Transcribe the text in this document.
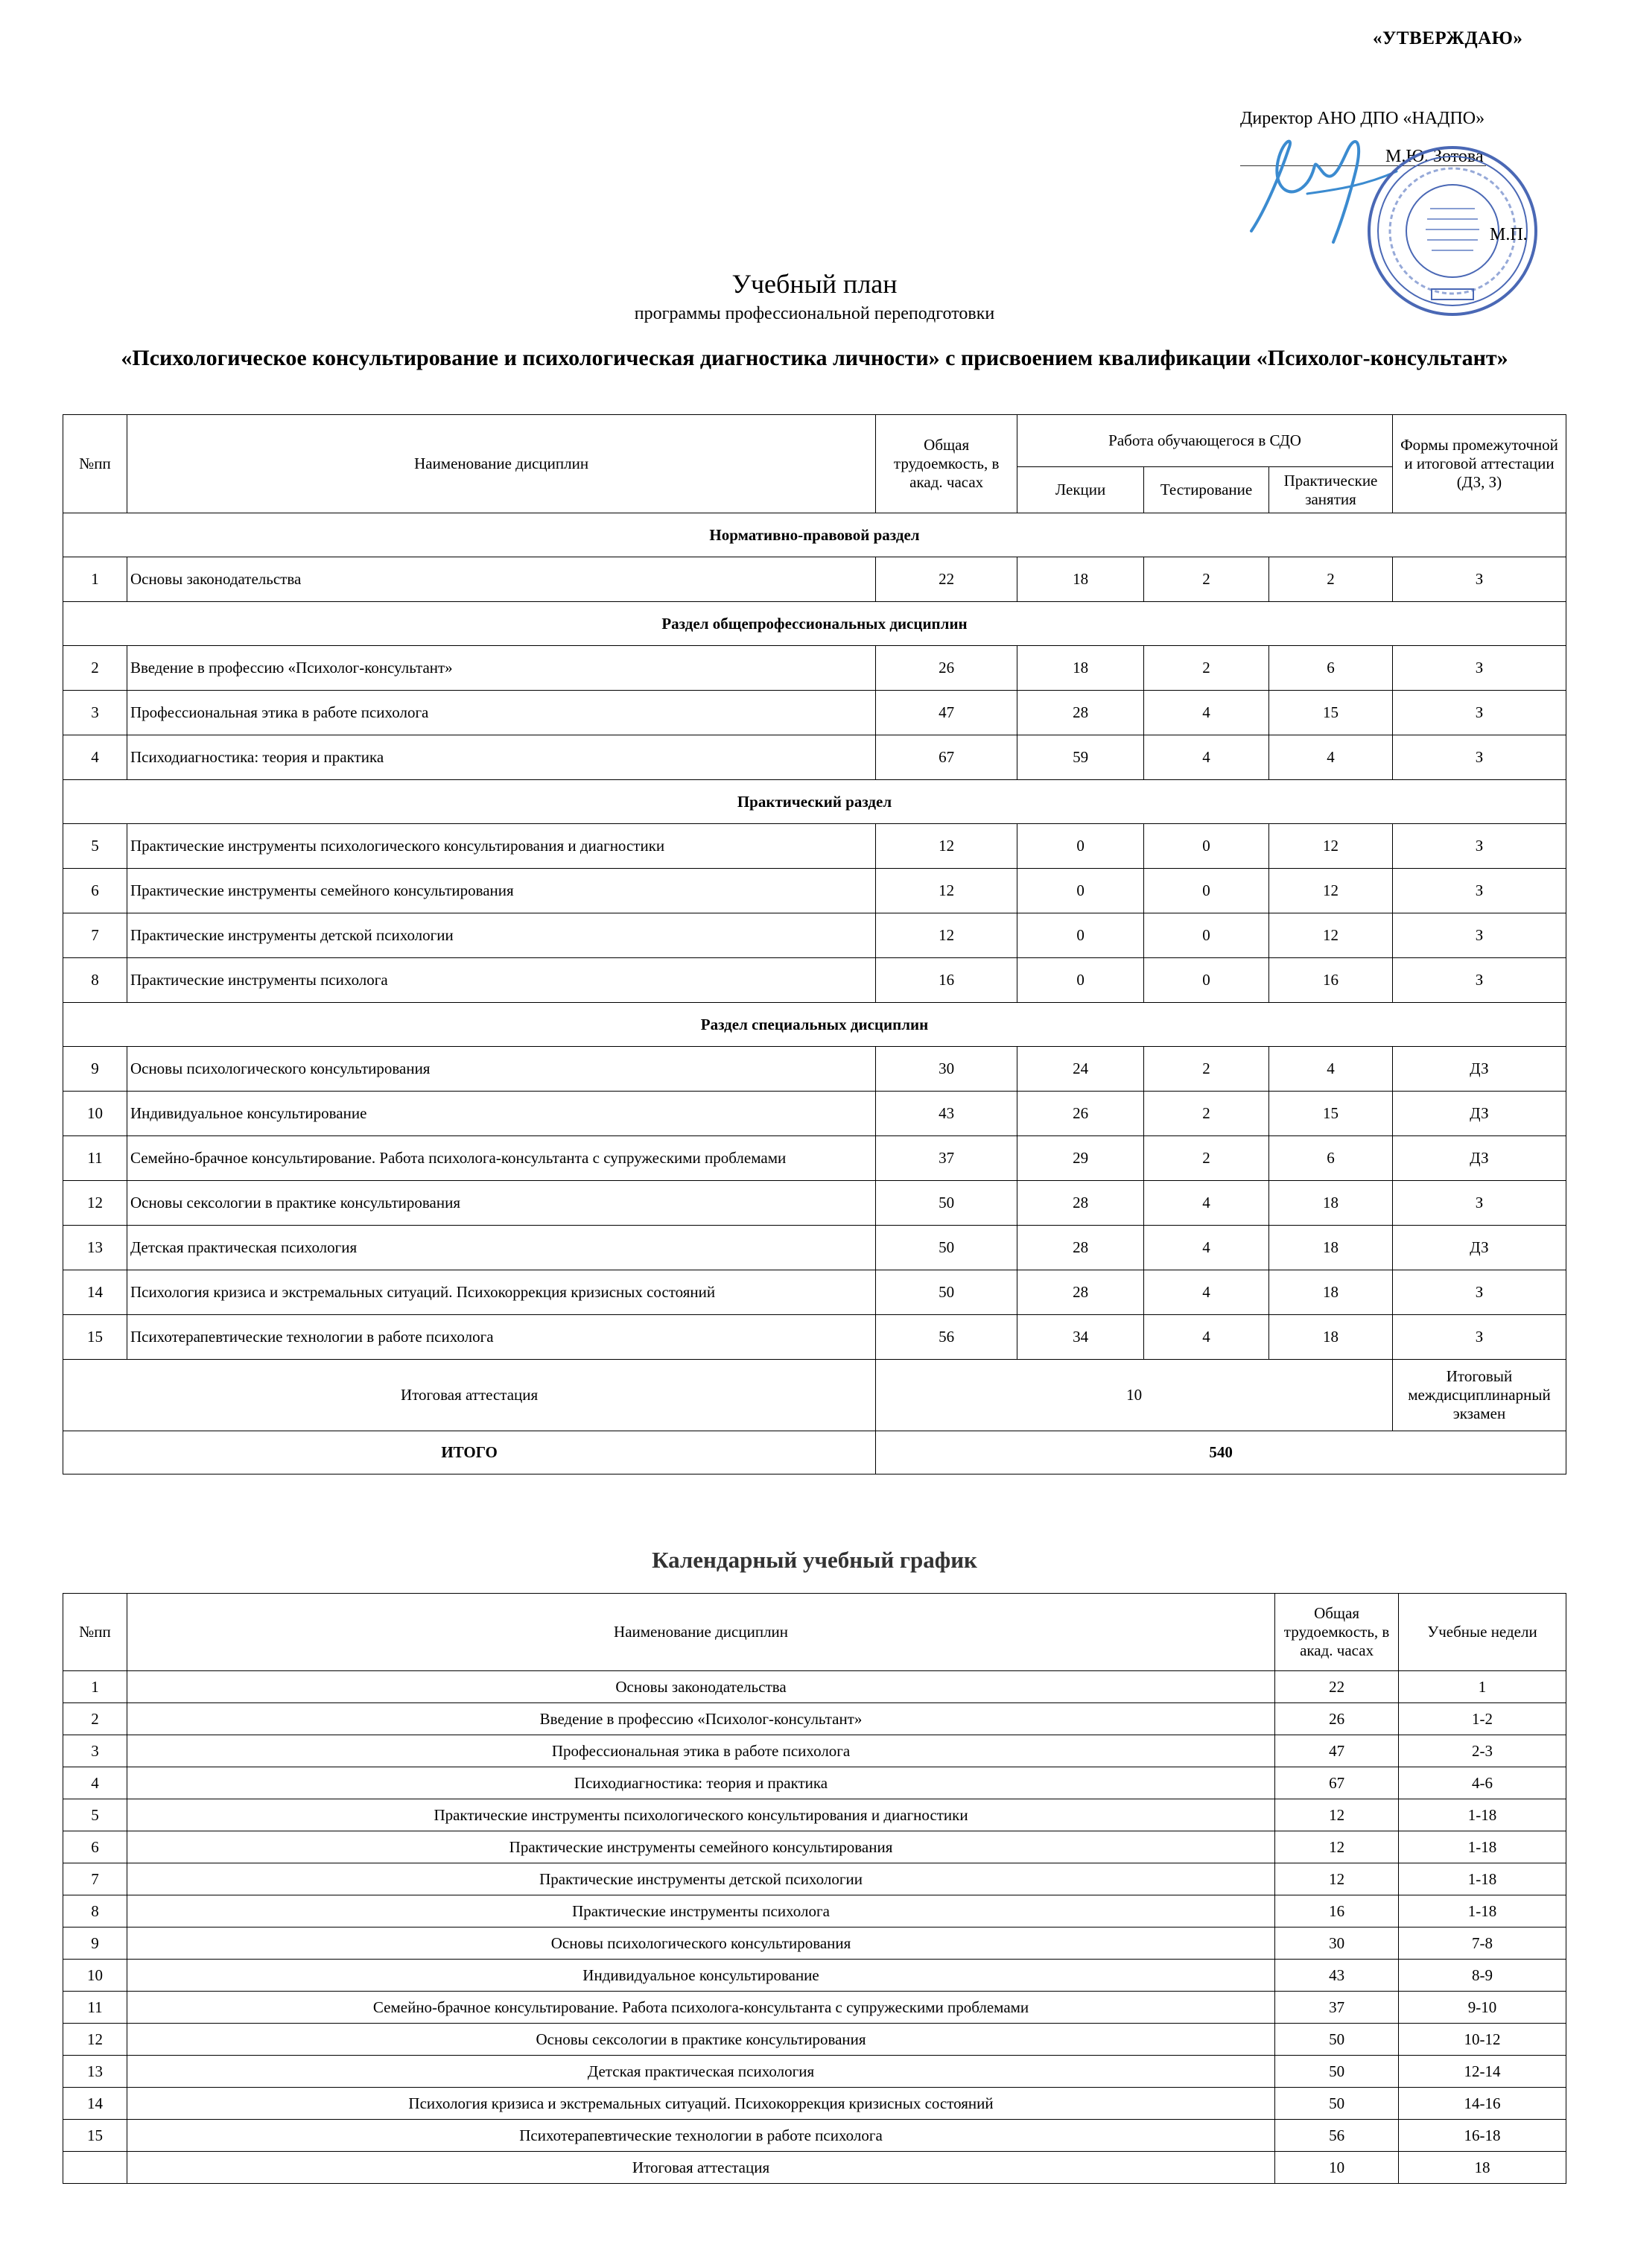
«УТВЕРЖДАЮ»
Директор АНО ДПО «НАДПО»
М.Ю. Зотова
М.П.
Учебный план
программы профессиональной переподготовки
«Психологическое консультирование и психологическая диагностика личности» с присвоением квалификации «Психолог-консультант»
№пп	Наименование дисциплин	Общая трудоемкость, в акад. часах	Работа обучающегося в СДО			Формы промежуточной и итоговой аттестации (ДЗ, З)
			Лекции	Тестирование	Практические занятия	
Нормативно-правовой раздел						
1	Основы законодательства	22	18	2	2	З
Раздел общепрофессиональных дисциплин						
2	Введение в профессию «Психолог-консультант»	26	18	2	6	З
3	Профессиональная этика в работе психолога	47	28	4	15	З
4	Психодиагностика: теория и практика	67	59	4	4	З
Практический раздел						
5	Практические инструменты психологического консультирования и диагностики	12	0	0	12	З
6	Практические инструменты семейного консультирования	12	0	0	12	З
7	Практические инструменты детской психологии	12	0	0	12	З
8	Практические инструменты психолога	16	0	0	16	З
Раздел специальных дисциплин						
9	Основы психологического консультирования	30	24	2	4	ДЗ
10	Индивидуальное консультирование	43	26	2	15	ДЗ
11	Семейно-брачное консультирование. Работа психолога-консультанта с супружескими проблемами	37	29	2	6	ДЗ
12	Основы сексологии в практике консультирования	50	28	4	18	З
13	Детская практическая психология	50	28	4	18	ДЗ
14	Психология кризиса и экстремальных ситуаций. Психокоррекция кризисных состояний	50	28	4	18	З
15	Психотерапевтические технологии в работе психолога	56	34	4	18	З
Итоговая аттестация		10				Итоговый междисциплинарный экзамен
ИТОГО		540				
Календарный учебный график
№пп	Наименование дисциплин	Общая трудоемкость, в акад. часах	Учебные недели
1	Основы законодательства	22	1
2	Введение в профессию «Психолог-консультант»	26	1-2
3	Профессиональная этика в работе психолога	47	2-3
4	Психодиагностика: теория и практика	67	4-6
5	Практические инструменты психологического консультирования и диагностики	12	1-18
6	Практические инструменты семейного консультирования	12	1-18
7	Практические инструменты детской психологии	12	1-18
8	Практические инструменты психолога	16	1-18
9	Основы психологического консультирования	30	7-8
10	Индивидуальное консультирование	43	8-9
11	Семейно-брачное консультирование. Работа психолога-консультанта с супружескими проблемами	37	9-10
12	Основы сексологии в практике консультирования	50	10-12
13	Детская практическая психология	50	12-14
14	Психология кризиса и экстремальных ситуаций. Психокоррекция кризисных состояний	50	14-16
15	Психотерапевтические технологии в работе психолога	56	16-18
	Итоговая аттестация	10	18
